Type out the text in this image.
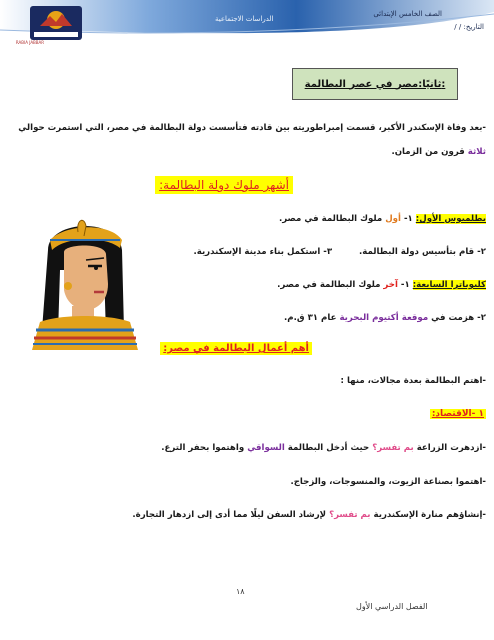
RABIA JABBAR
الدراسات الاجتماعية
الصف الخامس الإبتدائى
التاريخ: / /
ثانيًا:مصر في عصر البطالمة:
-بعد وفاة الإسكندر الأكبر، قسمت إمبراطوريته بين قادته فتأسست دولة البطالمة في مصر، التي استمرت حوالي
ثلاثة قرون من الزمان.
أشهر ملوك دولة البطالمة:
بطلميوس الأول: ١- أول ملوك البطالمة في مصر.
٢- قام بتأسيس دولة البطالمة.         ٣- استكمل بناء مدينة الإسكندرية.
كليوباترا السابعة: ١- آخر ملوك البطالمة في مصر.
٢- هزمت في موقعة أكتيوم البحرية عام ٣١ ق.م.
أهم أعمال البطالمة في مصر:
-اهتم البطالمة بعدة مجالات، منها :
١ -الاقتصاد:
-ازدهرت الزراعة بم تفسر؟ حيث أدخل البطالمة السواقي واهتموا بحفر الترع.
-اهتموا بصناعة الزيوت، والمنسوجات، والزجاج.
-إنشاؤهم منارة الإسكندرية بم تفسر؟ لإرشاد السفن ليلًا مما أدى إلى ازدهار التجارة.
١٨
الفصل الدراسي الأول
